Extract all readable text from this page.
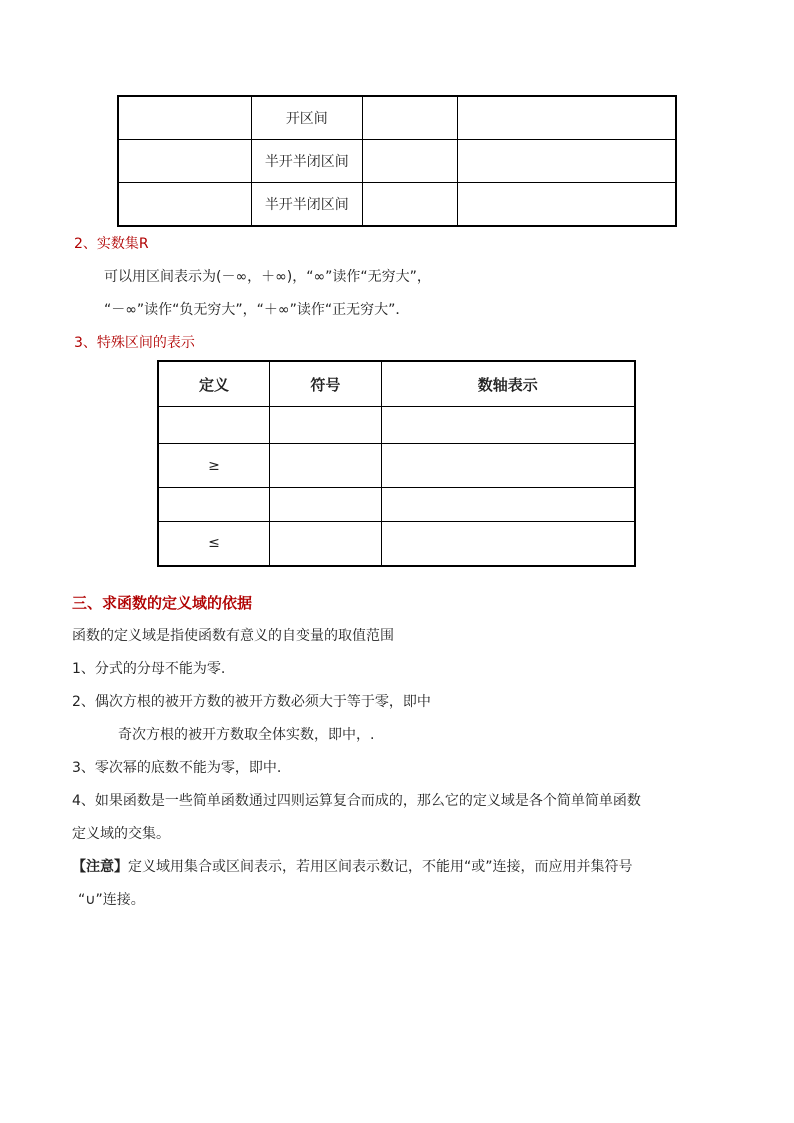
	开区间		
	半开半闭区间		
	半开半闭区间		
2、实数集R
可以用区间表示为(－∞，＋∞)，“∞”读作“无穷大”，
“－∞”读作“负无穷大”，“＋∞”读作“正无穷大”．
3、特殊区间的表示
定义	符号	数轴表示

≥		

≤		
三、求函数的定义域的依据
函数的定义域是指使函数有意义的自变量的取值范围
1、分式的分母不能为零.
2、偶次方根的被开方数的被开方数必须大于等于零，即中
奇次方根的被开方数取全体实数，即中，.
3、零次幂的底数不能为零，即中.
4、如果函数是一些简单函数通过四则运算复合而成的，那么它的定义域是各个简单简单函数
定义域的交集。
【注意】定义域用集合或区间表示，若用区间表示数记，不能用“或”连接，而应用并集符号
“∪”连接。
